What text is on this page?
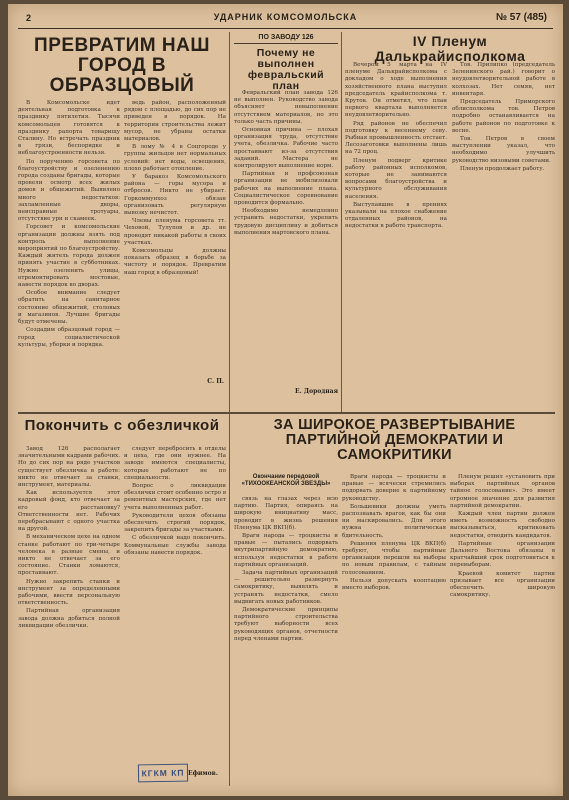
2	УДАРНИК КОМСОМОЛЬСКА	№ 57 (485)
ПРЕВРАТИМ НАШ ГОРОД В ОБРАЗЦОВЫЙ

В Комсомольске идет деятельная подготовка к празднику пятилетия. Тысячи комсомольцев готовятся к празднику рапорта товарищу Сталину. Но встречать праздник в грязи, беспорядке и неблагоустроенности нельзя.

По поручению горсовета по благоустройству и озеленению города созданы бригады, которые провели осмотр всех жилых домов и общежитий. Выявлено много недостатков: захламленные дворы, неисправные тротуары, отсутствие урн и скамеек.

Горсовет и комсомольские организации должны взять под контроль выполнение мероприятий по благоустройству. Каждый житель города должен принять участие в субботниках. Нужно озеленить улицы, отремонтировать мостовые, навести порядок во дворах.

Особое внимание следует обратить на санитарное состояние общежитий, столовых и магазинов. Лучшие бригады будут отмечены.

Создадим образцовый город — город социалистической культуры, уборки и порядка.

ведь район, расположенный рядом с площадью, до сих пор не приведен в порядок. На территории строительства лежит мусор, не убраны остатки материалов.

В лому № 4 в Соцгороде у группы жильцов нет нормальных условий: нет воды, освещения, плохо работает отопление.

У баракоз Комсомольского района — горы мусора и отбросов. Никто не убирает. Горкоммунхоз обязан организовать регулярную вывозку нечистот.

Члены пленума горсовета тт. Чеховой, Тулупов и др. не проводят никакой работы в своих участках.

Комсомольцы должны показать образец в борьбе за чистоту и порядок. Превратим наш город в образцовый!

С. П.
ПО ЗАВОДУ 126
Почему не выполнен февральский план

Февральский план завода 126 не выполнен. Руководство завода объясняет невыполнение отсутствием материалов, но это только часть причины.

Основная причина — плохая организация труда, отсутствие учета, обезличка. Рабочие часто простаивают из-за отсутствия заданий. Мастера не контролируют выполнение норм.

Партийная и профсоюзная организации не мобилизовали рабочих на выполнение плана. Социалистическое соревнование проводится формально.

Необходимо немедленно устранить недостатки, укрепить трудовую дисциплину и добиться выполнения мартовского плана.

Е. Дородная
IV Пленум Далькрайисполкома

Вечером 5 марта на IV пленуме Далькрайисполкома с докладом о ходе выполнения хозяйственного плана выступил председатель крайисполкома т. Крутов. Он отметил, что план первого квартала выполняется неудовлетворительно.

Ряд районов не обеспечил подготовку к весеннему севу. Рыбная промышленность отстает. Лесозаготовки выполнены лишь на 72 проц.

Пленум подверг критике работу районных исполкомов, которые не занимаются вопросами благоустройства и культурного обслуживания населения.

Выступавшие в прениях указывали на плохое снабжение отдаленных районов, на недостатки в работе транспорта.

Тов. Прилипко (председатель Зеленинского рай.) говорит о неудовлетворительной работе в колхозах. Нет семян, нет инвентаря.

Председатель Приморского облисполкома тов. Петров подробно останавливается на работе районов по подготовке к весне.

Тов. Петров в своем выступлении указал, что необходимо улучшить руководство низовыми советами.

Пленум продолжает работу.

Покончить с обезличкой

Завод 126 располагает значительными кадрами рабочих. Но до сих пор на ряде участков существует обезличка в работе: никто не отвечает за станки, инструмент, материалы.

Как используется этот кадровый фонд, кто отвечает за его расстановку? Ответственности нет. Рабочих перебрасывают с одного участка на другой.

В механическом цехе на одном станке работают по три-четыре человека в разные смены, и никто не отвечает за его состояние. Станки ломаются, простаивают.

Нужно закрепить станки и инструмент за определенными рабочими, ввести персональную ответственность.

Партийная организация завода должна добиться полной ликвидации обезлички.

следует перебросить в отделы и цеха, где они нужнее. На заводе имеются специалисты, которые работают не по специальности.

Вопрос о ликвидации обезлички стоит особенно остро в ремонтных мастерских, где нет учета выполненных работ.

Руководители цехов обязаны обеспечить строгий порядок, закрепить бригады за участками.

С обезличкой надо покончить. Коммунальные службы завода обязаны навести порядок.

Ефимов.
ЗА ШИРОКОЕ РАЗВЕРТЫВАНИЕ ПАРТИЙНОЙ ДЕМОКРАТИИ И САМОКРИТИКИ
Окончание передовой «ТИХООКЕАНСКОЙ ЗВЕЗДЫ»

связь на глазах через всю партию. Партия, опираясь на широкую инициативу масс, проводит в жизнь решения Пленума ЦК ВКП(б).

Враги народа — троцкисты и правые — пытались подорвать внутрипартийную демократию, используя недостатки в работе партийных организаций.

Задача партийных организаций — решительно развернуть самокритику, выявлять и устранять недостатки, смело выдвигать новых работников.

Демократические принципы партийного строительства требуют выборности всех руководящих органов, отчетности перед членами партии.

Враги народа — троцкисты и правые — всячески стремились подорвать доверие к партийному руководству.

Большевики должны уметь распознавать врагов, как бы они ни маскировались. Для этого нужна политическая бдительность.

Решения пленума ЦК ВКП(б) требуют, чтобы партийные организации перешли на выборы по новым правилам, с тайным голосованием.

Нельзя допускать кооптацию вместо выборов.

Пленум решил «установить при выборах партийных органов тайное голосование». Это имеет огромное значение для развития партийной демократии.

Каждый член партии должен иметь возможность свободно высказываться, критиковать недостатки, отводить кандидатов.

Партийные организации Дальнего Востока обязаны в кратчайший срок подготовиться к перевыборам.

Краевой комитет партии призывает все организации обеспечить широкую самокритику.

КГКМ КП
